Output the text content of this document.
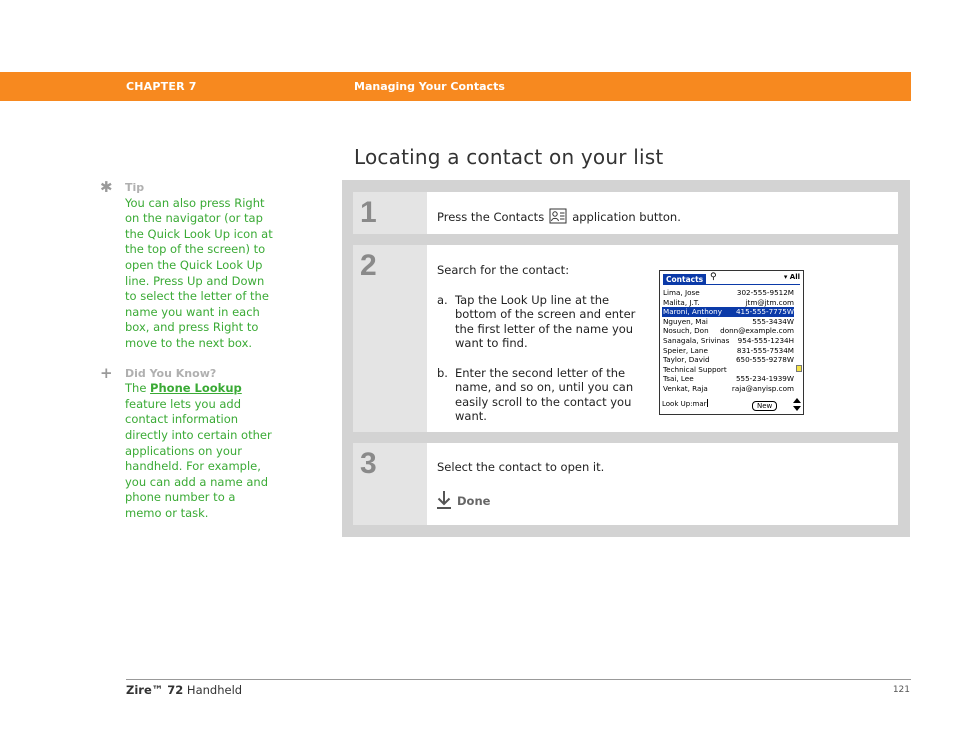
CHAPTER 7	Managing Your Contacts
Locating a contact on your list
✱	Tip
You can also press Right on the navigator (or tap the Quick Look Up icon at the top of the screen) to open the Quick Look Up line. Press Up and Down to select the letter of the name you want in each box, and press Right to move to the next box.
+	Did You Know?
The Phone Lookup feature lets you add contact information directly into certain other applications on your handheld. For example, you can add a name and phone number to a memo or task.
1	Press the Contacts application button.
2	Search for the contact:
a. Tap the Look Up line at the bottom of the screen and enter the first letter of the name you want to find.
b. Enter the second letter of the name, and so on, until you can easily scroll to the contact you want.
Contacts ⚲	▾ All
Lima, Jose	302-555-9512M
Malita, J.T.	jtm@jtm.com
Maroni, Anthony 415-555-7775W
Nguyen, Mai	555-3434W
Nosuch, Don donn@example.com
Sanagala, Srivinas 954-555-1234H
Speier, Lane	831-555-7534M
Taylor, David	650-555-9278W
Technical Support
Tsai, Lee	555-234-1939W
Venkat, Raja	raja@anyisp.com
Look Up:mar	New
3	Select the contact to open it.
Done
Zire™ 72 Handheld	121
